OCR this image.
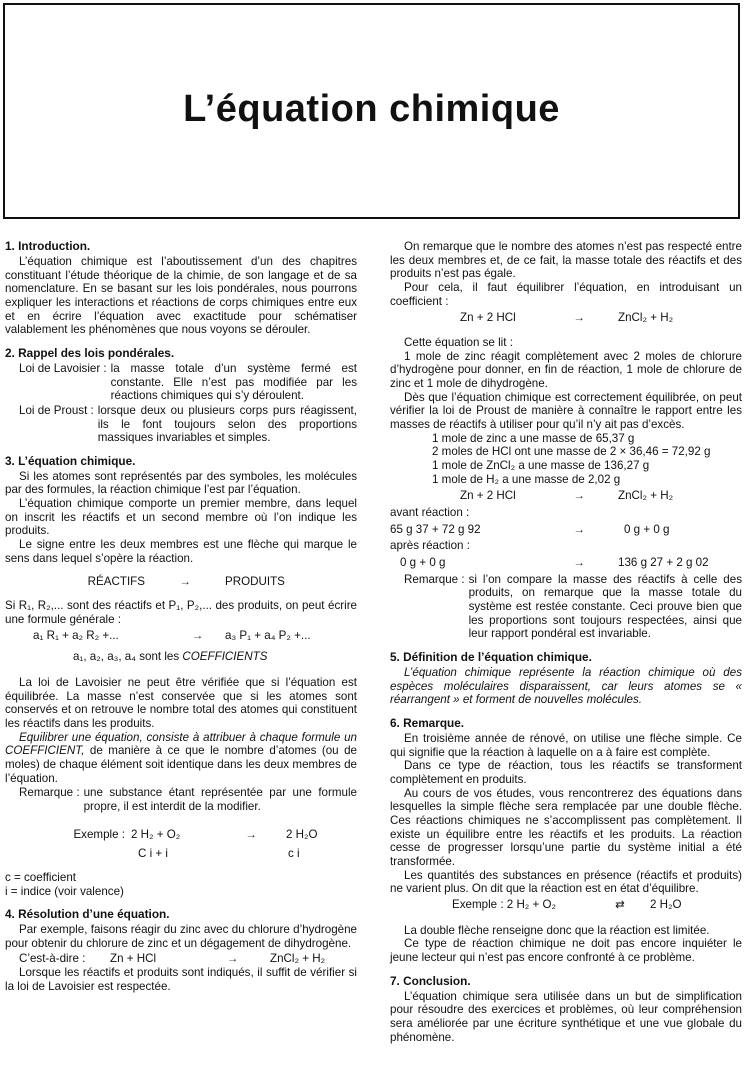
L’équation chimique
1. Introduction.

L’équation chimique est l’aboutissement d’un des chapitres constituant l’étude théorique de la chimie, de son langage et de sa nomenclature. En se basant sur les lois pondérales, nous pourrons expliquer les interactions et réactions de corps chimiques entre eux et en écrire l’équation avec exactitude pour schématiser valablement les phénomènes que nous voyons se dérouler.

2. Rappel des lois pondérales.
Loi de Lavoisier : la masse totale d’un système fermé est constante. Elle n’est pas modifiée par les réactions chimiques qui s’y déroulent.
Loi de Proust : lorsque deux ou plusieurs corps purs réagissent, ils le font toujours selon des proportions massiques invariables et simples.
3. L’équation chimique.

Si les atomes sont représentés par des symboles, les molécules par des formules, la réaction chimique l’est par l’équation.

L’équation chimique comporte un premier membre, dans lequel on inscrit les réactifs et un second membre où l’on indique les produits.

Le signe entre les deux membres est une flèche qui marque le sens dans lequel s’opère la réaction.

RÉACTIFS	→	PRODUITS

Si R₁, R₂,... sont des réactifs et P₁, P₂,... des produits, on peut écrire une formule générale :

a₁ R₁ + a₂ R₂ +...	→	a₃ P₁ + a₄ P₂ +...

a₁, a₂, a₃, a₄ sont les COEFFICIENTS

La loi de Lavoisier ne peut être vérifiée que si l’équation est équilibrée. La masse n’est conservée que si les atomes sont conservés et on retrouve le nombre total des atomes qui constituent les réactifs dans les produits.

Equilibrer une équation, consiste à attribuer à chaque formule un COEFFICIENT, de manière à ce que le nombre d’atomes (ou de moles) de chaque élément soit identique dans les deux membres de l’équation.

Remarque : une substance étant représentée par une formule propre, il est interdit de la modifier.
Exemple : 2 H₂ + O₂	→	2 H₂O
C i + i	c i

c = coefficient

i = indice (voir valence)

4. Résolution d’une équation.

Par exemple, faisons réagir du zinc avec du chlorure d’hydrogène pour obtenir du chlorure de zinc et un dégagement de dihydrogène.

C’est-à-dire :	Zn + HCl	→	ZnCl₂ + H₂

Lorsque les réactifs et produits sont indiqués, il suffit de vérifier si la loi de Lavoisier est respectée.

On remarque que le nombre des atomes n’est pas respecté entre les deux membres et, de ce fait, la masse totale des réactifs et des produits n’est pas égale.

Pour cela, il faut équilibrer l’équation, en introduisant un coefficient :

Zn + 2 HCl	→	ZnCl₂ + H₂

Cette équation se lit :

1 mole de zinc réagit complètement avec 2 moles de chlorure d’hydrogène pour donner, en fin de réaction, 1 mole de chlorure de zinc et 1 mole de dihydrogène.

Dès que l’équation chimique est correctement équilibrée, on peut vérifier la loi de Proust de manière à connaître le rapport entre les masses de réactifs à utiliser pour qu’il n’y ait pas d’excès.

1 mole de zinc a une masse de 65,37 g

2 moles de HCl ont une masse de 2 × 36,46 = 72,92 g

1 mole de ZnCl₂ a une masse de 136,27 g

1 mole de H₂ a une masse de 2,02 g

Zn + 2 HCl	→	ZnCl₂ + H₂

avant réaction :

65 g 37 + 72 g 92	→	0 g + 0 g

après réaction :

0 g + 0 g	→	136 g 27 + 2 g 02
Remarque : si l’on compare la masse des réactifs à celle des produits, on remarque que la masse totale du système est restée constante. Ceci prouve bien que les proportions sont toujours respectées, ainsi que leur rapport pondéral est invariable.
5. Définition de l’équation chimique.

L’équation chimique représente la réaction chimique où des espèces moléculaires disparaissent, car leurs atomes se « réarrangent » et forment de nouvelles molécules.

6. Remarque.

En troisième année de rénové, on utilise une flèche simple. Ce qui signifie que la réaction à laquelle on a à faire est complète.

Dans ce type de réaction, tous les réactifs se transforment complètement en produits.

Au cours de vos études, vous rencontrerez des équations dans lesquelles la simple flèche sera remplacée par une double flèche. Ces réactions chimiques ne s’accomplissent pas complètement. Il existe un équilibre entre les réactifs et les produits. La réaction cesse de progresser lorsqu’une partie du système initial a été transformée.

Les quantités des substances en présence (réactifs et produits) ne varient plus. On dit que la réaction est en état d’équilibre.

Exemple : 2 H₂ + O₂	⇄	2 H₂O

La double flèche renseigne donc que la réaction est limitée.

Ce type de réaction chimique ne doit pas encore inquiéter le jeune lecteur qui n’est pas encore confronté à ce problème.

7. Conclusion.

L’équation chimique sera utilisée dans un but de simplification pour résoudre des exercices et problèmes, où leur compréhension sera améliorée par une écriture synthétique et une vue globale du phénomène.
